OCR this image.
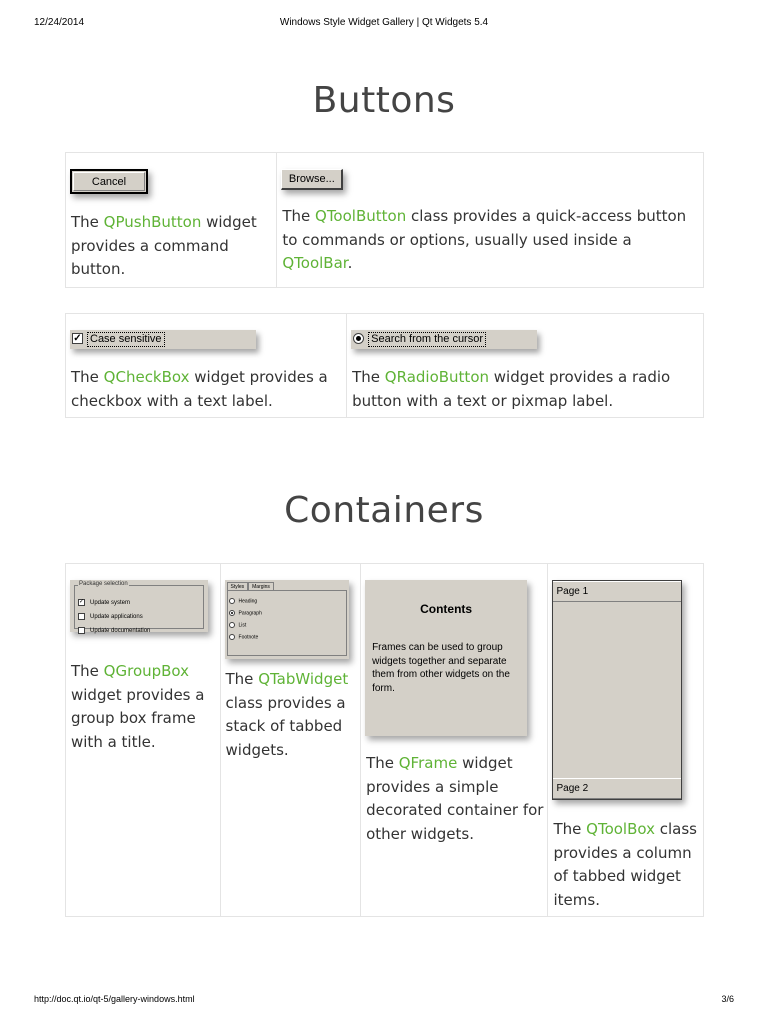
12/24/2014	Windows Style Widget Gallery | Qt Widgets 5.4
Buttons
Cancel

The QPushButton widget provides a command button.

Browse...

The QToolButton class provides a quick-access button to commands or options, usually used inside a QToolBar.

✓ Case sensitive

The QCheckBox widget provides a checkbox with a text label.

Search from the cursor

The QRadioButton widget provides a radio button with a text or pixmap label.

Containers
Package selection
✓ Update system
Update applications
Update documentation

The QGroupBox widget provides a group box frame with a title.

Styles	Margins
Heading
Paragraph
List
Footnote

The QTabWidget class provides a stack of tabbed widgets.

Contents
Frames can be used to group widgets together and separate them from other widgets on the form.

The QFrame widget provides a simple decorated container for other widgets.

Page 1
Page 2

The QToolBox class provides a column of tabbed widget items.

http://doc.qt.io/qt-5/gallery-windows.html	3/6
